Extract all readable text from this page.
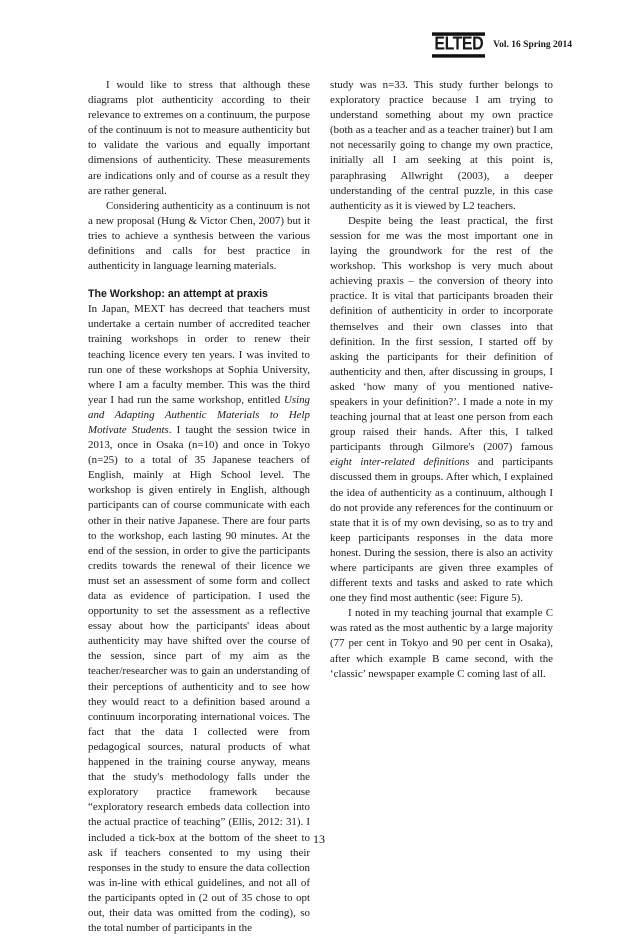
ELTED Vol. 16 Spring 2014

I would like to stress that although these diagrams plot authenticity according to their relevance to extremes on a continuum, the purpose of the continuum is not to measure authenticity but to validate the various and equally important dimensions of authenticity. These measurements are indications only and of course as a result they are rather general.

Considering authenticity as a continuum is not a new proposal (Hung & Victor Chen, 2007) but it tries to achieve a synthesis between the various definitions and calls for best practice in authenticity in language learning materials.

The Workshop: an attempt at praxis

In Japan, MEXT has decreed that teachers must undertake a certain number of accredited teacher training workshops in order to renew their teaching licence every ten years. I was invited to run one of these workshops at Sophia University, where I am a faculty member. This was the third year I had run the same workshop, entitled Using and Adapting Authentic Materials to Help Motivate Students. I taught the session twice in 2013, once in Osaka (n=10) and once in Tokyo (n=25) to a total of 35 Japanese teachers of English, mainly at High School level. The workshop is given entirely in English, although participants can of course communicate with each other in their native Japanese. There are four parts to the workshop, each lasting 90 minutes. At the end of the session, in order to give the participants credits towards the renewal of their licence we must set an assessment of some form and collect data as evidence of participation. I used the opportunity to set the assessment as a reflective essay about how the participants' ideas about authenticity may have shifted over the course of the session, since part of my aim as the teacher/researcher was to gain an understanding of their perceptions of authenticity and to see how they would react to a definition based around a continuum incorporating international voices. The fact that the data I collected were from pedagogical sources, natural products of what happened in the training course anyway, means that the study's methodology falls under the exploratory practice framework because “exploratory research embeds data collection into the actual practice of teaching” (Ellis, 2012: 31). I included a tick-box at the bottom of the sheet to ask if teachers consented to my using their responses in the study to ensure the data collection was in-line with ethical guidelines, and not all of the participants opted in (2 out of 35 chose to opt out, their data was omitted from the coding), so the total number of participants in the

study was n=33. This study further belongs to exploratory practice because I am trying to understand something about my own practice (both as a teacher and as a teacher trainer) but I am not necessarily going to change my own practice, initially all I am seeking at this point is, paraphrasing Allwright (2003), a deeper understanding of the central puzzle, in this case authenticity as it is viewed by L2 teachers.

Despite being the least practical, the first session for me was the most important one in laying the groundwork for the rest of the workshop. This workshop is very much about achieving praxis – the conversion of theory into practice. It is vital that participants broaden their definition of authenticity in order to incorporate themselves and their own classes into that definition. In the first session, I started off by asking the participants for their definition of authenticity and then, after discussing in groups, I asked ‘how many of you mentioned native-speakers in your definition?’. I made a note in my teaching journal that at least one person from each group raised their hands. After this, I talked participants through Gilmore's (2007) famous eight inter-related definitions and participants discussed them in groups. After which, I explained the idea of authenticity as a continuum, although I do not provide any references for the continuum or state that it is of my own devising, so as to try and keep participants responses in the data more honest. During the session, there is also an activity where participants are given three examples of different texts and tasks and asked to rate which one they find most authentic (see: Figure 5).

I noted in my teaching journal that example C was rated as the most authentic by a large majority (77 per cent in Tokyo and 90 per cent in Osaka), after which example B came second, with the ‘classic’ newspaper example C coming last of all.

13
